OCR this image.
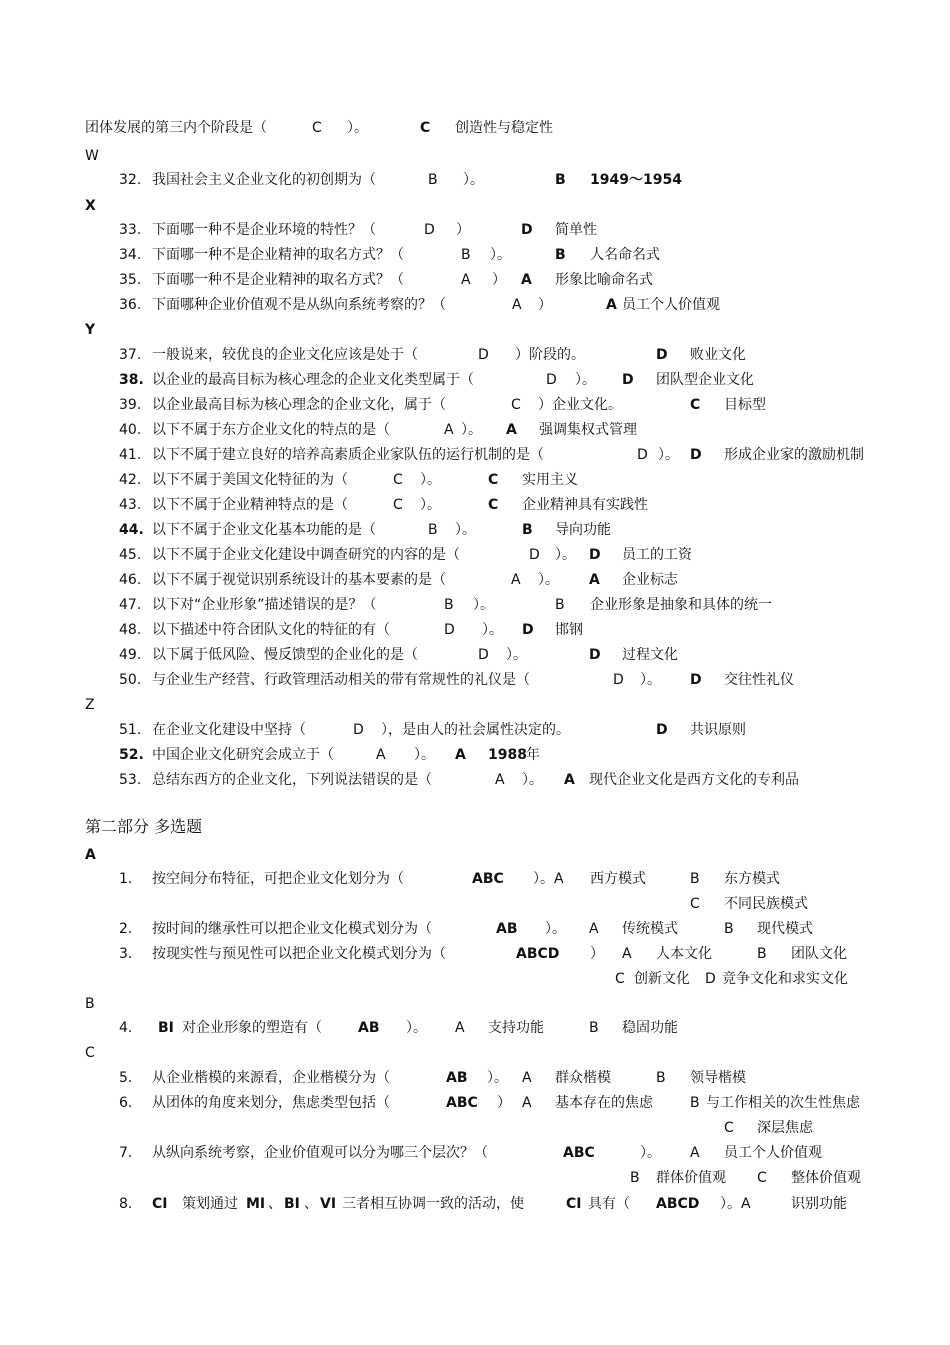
团体发展的第三内个阶段是（	C ）。	C 创造性与稳定性
W
32. 我国社会主义企业文化的初创期为（	B ）。	B 1949～1954
X
33. 下面哪一种不是企业环境的特性？（	D ）	D 简单性
34. 下面哪一种不是企业精神的取名方式？（	B ）。	B 人名命名式
35. 下面哪一种不是企业精神的取名方式？（	A ） A 形象比喻命名式
36. 下面哪种企业价值观不是从纵向系统考察的？（	A ）	A 员工个人价值观
Y
37. 一般说来，较优良的企业文化应该是处于（	D ）阶段的。	D 败业文化
38. 以企业的最高目标为核心理念的企业文化类型属于（	D ）。 D 团队型企业文化
39. 以企业最高目标为核心理念的企业文化，属于（	C ）企业文化。	C 目标型
40. 以下不属于东方企业文化的特点的是（	A ）。 A 强调集权式管理
41. 以下不属于建立良好的培养高素质企业家队伍的运行机制的是（	D ）。 D 形成企业家的激励机制
42. 以下不属于美国文化特征的为（	C ）。	C 实用主义
43. 以下不属于企业精神特点的是（	C ）。	C 企业精神具有实践性
44. 以下不属于企业文化基本功能的是（	B ）。	B 导向功能
45. 以下不属于企业文化建设中调查研究的内容的是（	D ）。 D 员工的工资
46. 以下不属于视觉识别系统设计的基本要素的是（	A ）。 A 企业标志
47. 以下对“企业形象”描述错误的是？（	B ）。	B 企业形象是抽象和具体的统一
48. 以下描述中符合团队文化的特征的有（	D ）。 D 邯钢
49. 以下属于低风险、慢反馈型的企业化的是（	D ）。	D 过程文化
50. 与企业生产经营、行政管理活动相关的带有常规性的礼仪是（	D ）。 D 交往性礼仪
Z
51. 在企业文化建设中坚持（	D ），是由人的社会属性决定的。	D 共识原则
52. 中国企业文化研究会成立于（	A ）。 A 1988 年
53. 总结东西方的企业文化，下列说法错误的是（	A ）。 A 现代企业文化是西方文化的专利品
A
1. 按空间分布特征，可把企业文化划分为（	ABC ）。A 西方模式	B 东方模式
C 不同民族模式
2. 按时间的继承性可以把企业文化模式划分为（	AB ）。 A 传统模式	B 现代模式
3. 按现实性与预见性可以把企业文化模式划分为（	ABCD ） A 人本文化	B 团队文化
C 创新文化 D 竞争文化和求实文化
B
4. BI 对企业形象的塑造有（	AB ）。 A 支持功能	B 稳固功能
C
5. 从企业楷模的来源看，企业楷模分为（	AB ）。 A 群众楷模	B 领导楷模
6. 从团体的角度来划分，焦虑类型包括（	ABC ） A 基本存在的焦虑	B 与工作相关的次生性焦虑
C 深层焦虑
7. 从纵向系统考察，企业价值观可以分为哪三个层次？（	ABC	）。 A 员工个人价值观
B 群体价值观 C 整体价值观
8. CI 策划通过 MI 、 BI 、 VI 三者相互协调一致的活动，使	CI 具有（ ABCD ）。A	识别功能
第二部分 多选题
